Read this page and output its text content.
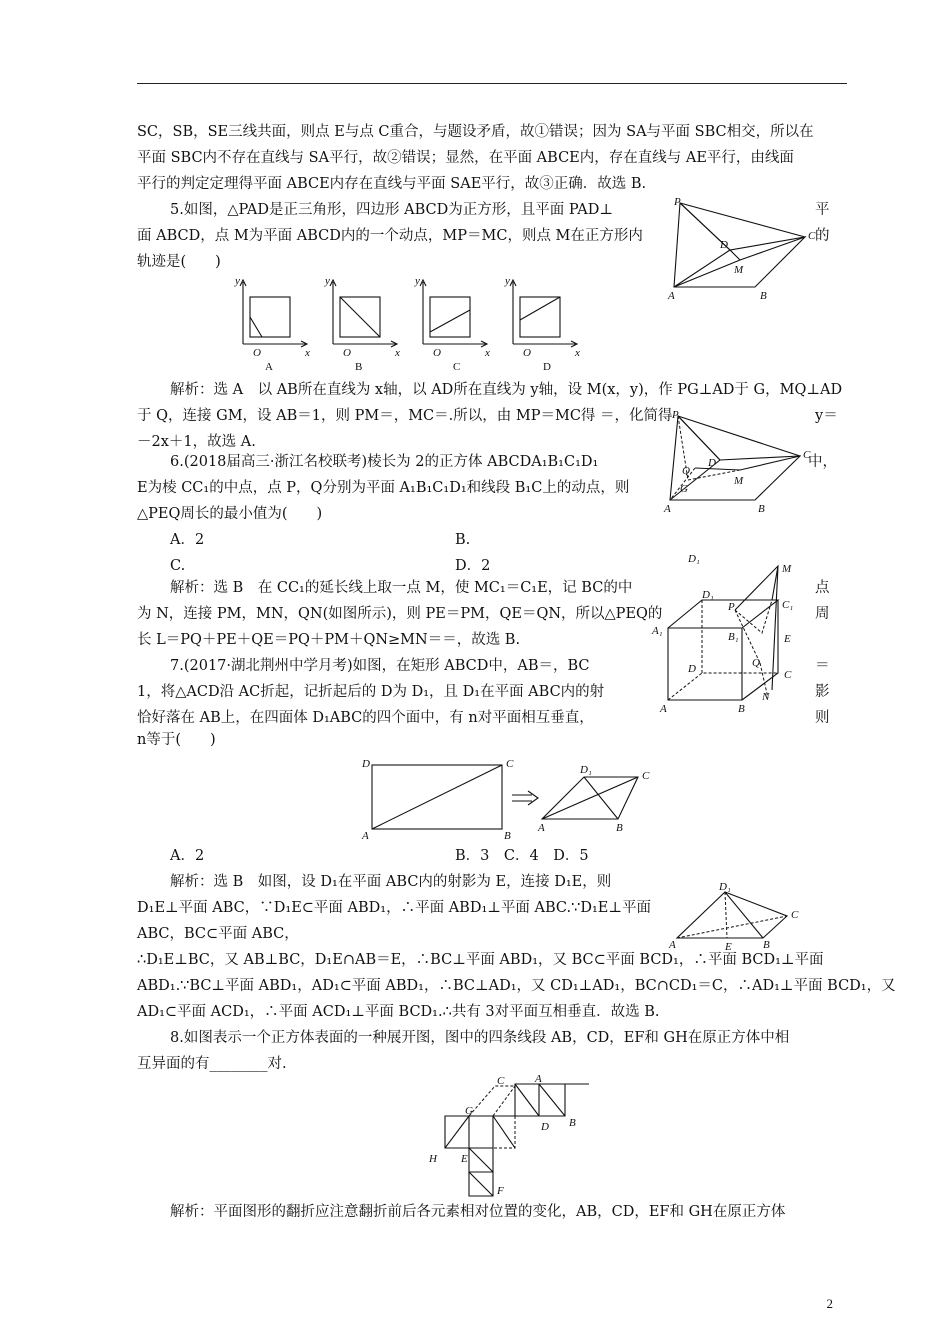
SC，SB，SE三线共面，则点 E与点 C重合，与题设矛盾，故①错误；因为 SA与平面 SBC相交，所以在
平面 SBC内不存在直线与 SA平行，故②错误；显然，在平面 ABCE内，存在直线与 AE平行，由线面
平行的判定定理得平面 ABCE内存在直线与平面 SAE平行，故③正确．故选 B.
5.如图，△PAD是正三角形，四边形 ABCD为正方形，且平面 PAD⊥
面 ABCD，点 M为平面 ABCD内的一个动点，MP＝MC，则点 M在正方形内
轨迹是(　　)
平
的
P
D
C
M
A	B
y
x
O
A
y
x
O
B
y
x
O
C
y
x
O
D
解析：选 A　以 AB所在直线为 x轴，以 AD所在直线为 y轴，设 M(x，y)，作 PG⊥AD于 G，MQ⊥AD
于 Q，连接 GM，设 AB＝1，则 PM＝，MC＝.所以，由 MP＝MC得 ＝，化简得
－2x＋1，故选 A.
y＝
P
D
C
Q
G
M
A	B
6.(2018届高三·浙江名校联考)棱长为 2的正方体 ABCDA₁B₁C₁D₁
E为棱 CC₁的中点，点 P，Q分别为平面 A₁B₁C₁D₁和线段 B₁C上的动点，则
△PEQ周长的最小值为(　　)
中，
A．2	B.
C.	D．2
解析：选 B　在 CC₁的延长线上取一点 M，使 MC₁＝C₁E，记 BC的中
为 N，连接 PM，MN，QN(如图所示)，则 PE＝PM，QE＝QN，所以△PEQ的
长 L＝PQ＋PE＋QE＝PQ＋PM＋QN≥MN＝＝，故选 B.
点
周
D₁
M
D₁
P	C₁
A₁	B₁	E
Q
C
D
A	B
N
7.(2017·湖北荆州中学月考)如图，在矩形 ABCD中，AB＝，BC
1，将△ACD沿 AC折起，记折起后的 D为 D₁，且 D₁在平面 ABC内的射
恰好落在 AB上，在四面体 D₁ABC的四个面中，有 n对平面相互垂直，
n等于(　　)
＝
影
则
D	C
A	B
D₁	C
A	B
A．2	B．3　C．4　D．5
解析：选 B　如图，设 D₁在平面 ABC内的射影为 E，连接 D₁E，则
D₁E⊥平面 ABC，∵D₁E⊂平面 ABD₁，∴平面 ABD₁⊥平面 ABC.∵D₁E⊥平面
ABC，BC⊂平面 ABC，
∴D₁E⊥BC，又 AB⊥BC，D₁E∩AB＝E，∴BC⊥平面 ABD₁，又 BC⊂平面 BCD₁，∴平面 BCD₁⊥平面
ABD₁.∵BC⊥平面 ABD₁，AD₁⊂平面 ABD₁，∴BC⊥AD₁，又 CD₁⊥AD₁，BC∩CD₁＝C，∴AD₁⊥平面 BCD₁，又
AD₁⊂平面 ACD₁，∴平面 ACD₁⊥平面 BCD₁.∴共有 3对平面互相垂直．故选 B.
D₁
C
A	E	B
8.如图表示一个正方体表面的一种展开图，图中的四条线段 AB，CD，EF和 GH在原正方体中相
互异面的有________对.
C	A
G
B
D
H E
F
解析：平面图形的翻折应注意翻折前后各元素相对位置的变化，AB，CD，EF和 GH在原正方体
2
